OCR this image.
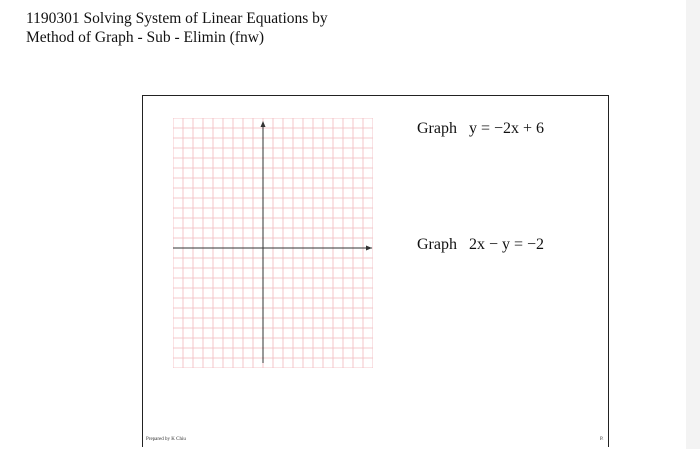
1190301 Solving System of Linear Equations by
Method of Graph - Sub - Elimin (fnw)
Graph y = −2x + 6
Graph 2x − y = −2
Prepared by K Chiu	P.
